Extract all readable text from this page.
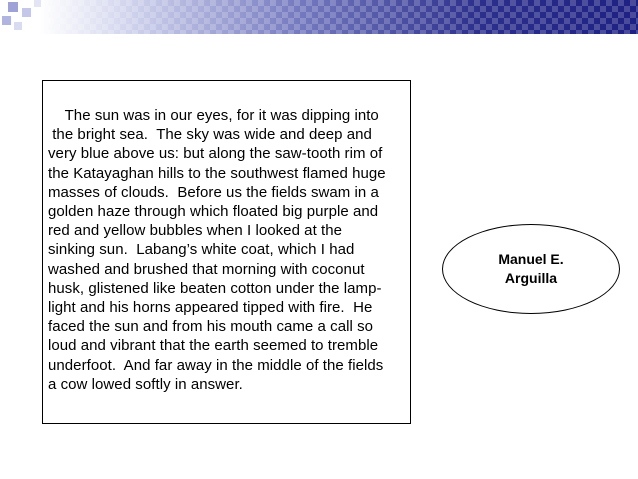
The sun was in our eyes, for it was dipping into
the bright sea.  The sky was wide and deep and
very blue above us: but along the saw-tooth rim of
the Katayaghan hills to the southwest flamed huge
masses of clouds.  Before us the fields swam in a
golden haze through which floated big purple and
red and yellow bubbles when I looked at the
sinking sun.  Labang’s white coat, which I had
washed and brushed that morning with coconut
husk, glistened like beaten cotton under the lamp-
light and his horns appeared tipped with fire.  He
faced the sun and from his mouth came a call so
loud and vibrant that the earth seemed to tremble
underfoot.  And far away in the middle of the fields
a cow lowed softly in answer.
Manuel E.
Arguilla
